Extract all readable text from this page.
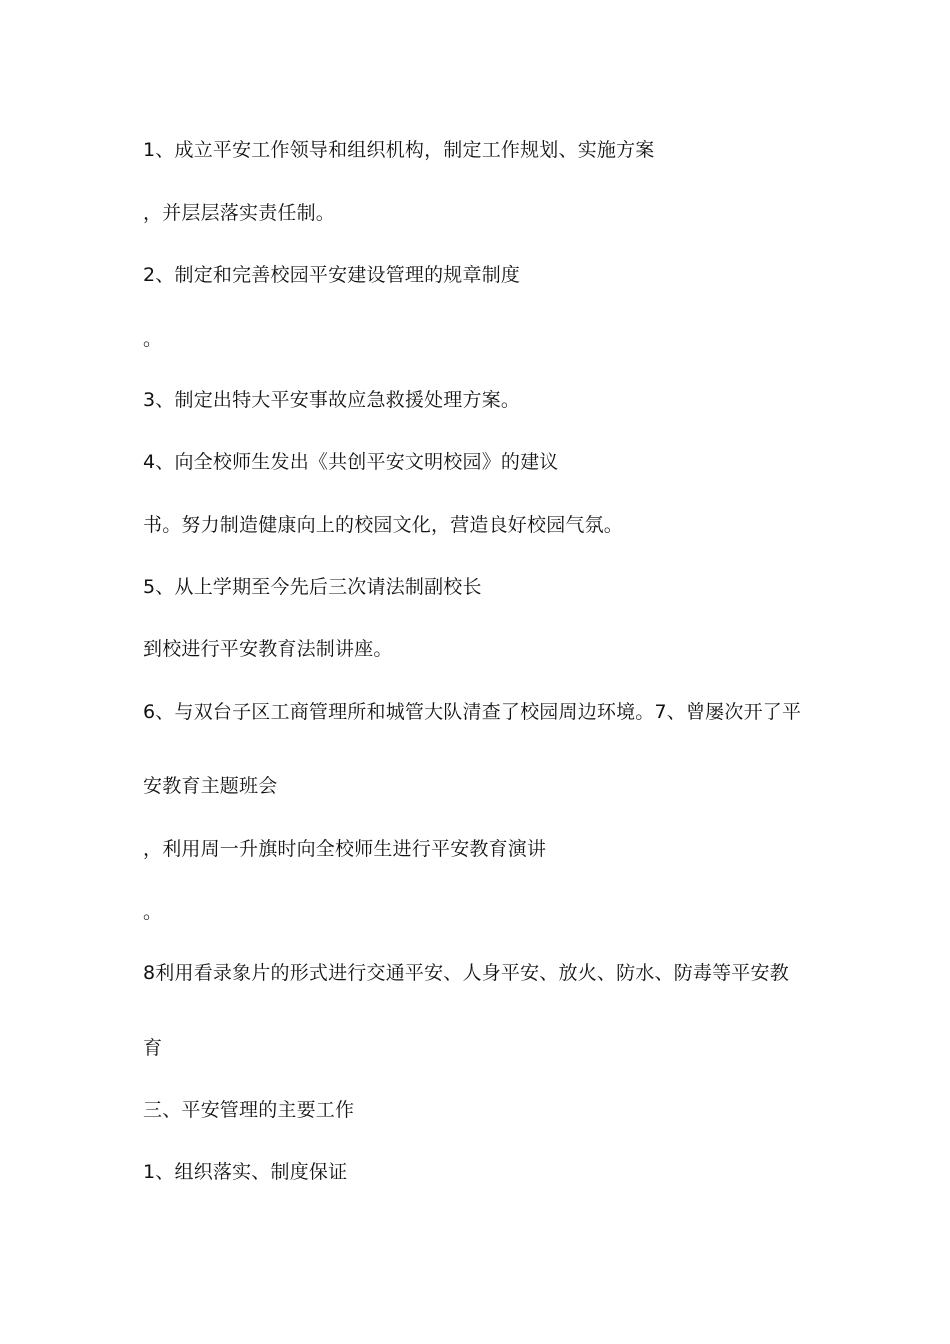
1、成立平安工作领导和组织机构，制定工作规划、实施方案
，并层层落实责任制。
2、制定和完善校园平安建设管理的规章制度
。
3、制定出特大平安事故应急救援处理方案。
4、向全校师生发出《共创平安文明校园》的建议
书。努力制造健康向上的校园文化，营造良好校园气氛。
5、从上学期至今先后三次请法制副校长
到校进行平安教育法制讲座。
6、与双台子区工商管理所和城管大队清查了校园周边环境。7、曾屡次开了平
安教育主题班会
，利用周一升旗时向全校师生进行平安教育演讲
。
8利用看录象片的形式进行交通平安、人身平安、放火、防水、防毒等平安教
育
三、平安管理的主要工作
1、组织落实、制度保证
